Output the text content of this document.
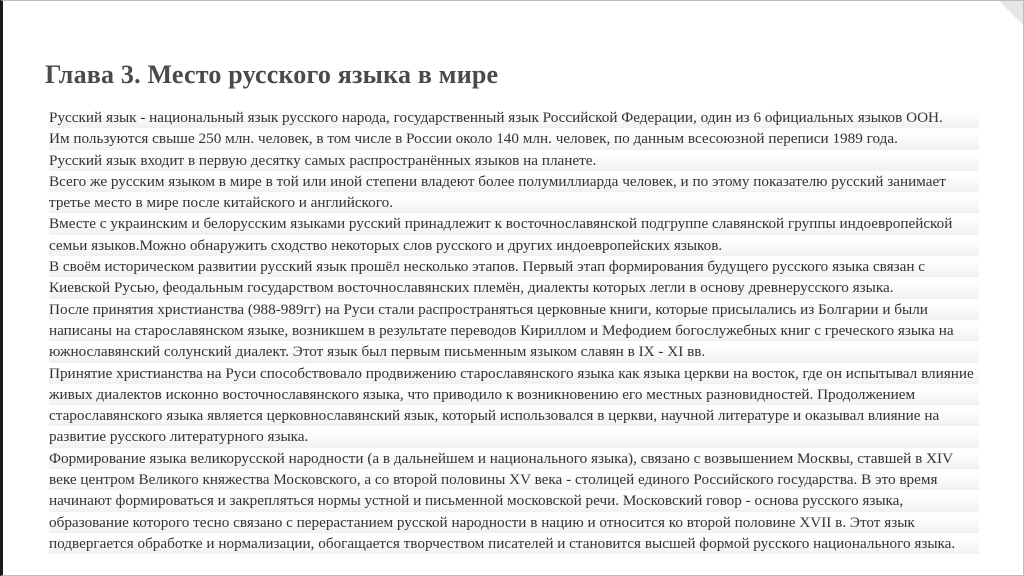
Глава 3. Место русского языка в мире
Русский язык - национальный язык русского народа, государственный язык Российской Федерации, один из 6 официальных языков ООН.
Им пользуются свыше 250 млн. человек, в том числе в России около 140 млн. человек, по данным всесоюзной переписи 1989 года.
Русский язык входит в первую десятку самых распространённых языков на планете.
Всего же русским языком в мире в той или иной степени владеют более полумиллиарда человек, и по этому показателю русский занимает
третье место в мире после китайского и английского.
Вместе с украинским и белорусским языками русский принадлежит к восточнославянской подгруппе славянской группы индоевропейской
семьи языков.Можно обнаружить сходство некоторых слов русского и других индоевропейских языков.
В своём историческом развитии русский язык прошёл несколько этапов. Первый этап формирования будущего русского языка связан с
Киевской Русью, феодальным государством восточнославянских племён, диалекты которых легли в основу древнерусского языка.
После принятия христианства (988-989гг) на Руси стали распространяться церковные книги, которые присылались из Болгарии и были
написаны на старославянском языке, возникшем в результате переводов Кириллом и Мефодием богослужебных книг с греческого языка на
южнославянский солунский диалект. Этот язык был первым письменным языком славян в IX - XI вв.
Принятие христианства на Руси способствовало продвижению старославянского языка как языка церкви на восток, где он испытывал влияние
живых диалектов исконно восточнославянского языка, что приводило к возникновению его местных разновидностей. Продолжением
старославянского языка является церковнославянский язык, который использовался в церкви, научной литературе и оказывал влияние на
развитие русского литературного языка.
Формирование языка великорусской народности (а в дальнейшем и национального языка), связано с возвышением Москвы, ставшей в XIV
веке центром Великого княжества Московского, а со второй половины XV века - столицей единого Российского государства. В это время
начинают формироваться и закрепляться нормы устной и письменной московской речи. Московский говор - основа русского языка,
образование которого тесно связано с перерастанием русской народности в нацию и относится ко второй половине XVII в. Этот язык
подвергается обработке и нормализации, обогащается творчеством писателей и становится высшей формой русского национального языка.
